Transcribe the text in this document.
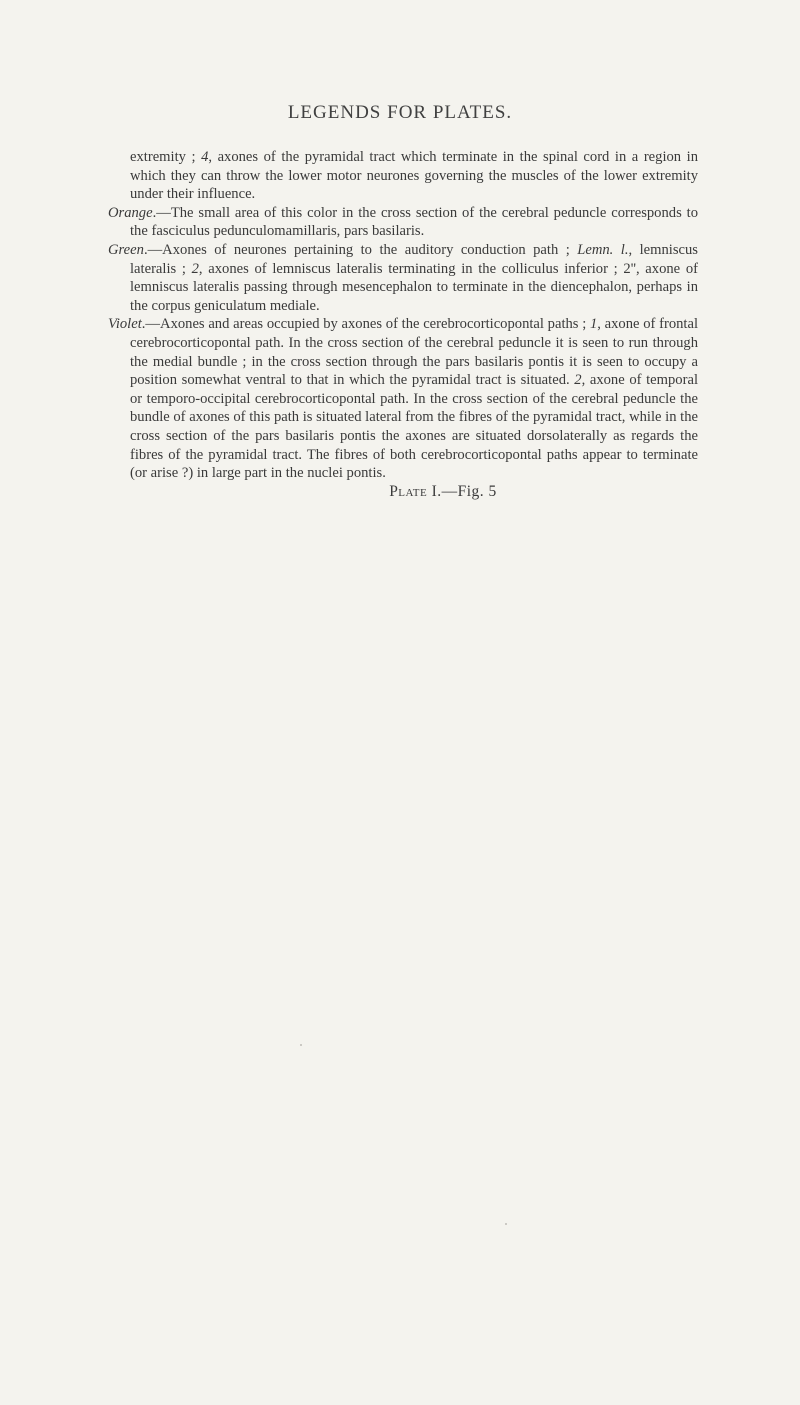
LEGENDS FOR PLATES.
extremity ; 4, axones of the pyramidal tract which terminate in the spinal cord in a region in which they can throw the lower motor neurones governing the muscles of the lower extremity under their influence.
Orange.—The small area of this color in the cross section of the cerebral peduncle corresponds to the fasciculus pedunculomamillaris, pars basilaris.
Green.—Axones of neurones pertaining to the auditory conduction path ; Lemn. l., lemniscus lateralis ; 2, axones of lemniscus lateralis terminating in the colliculus inferior ; 2'', axone of lemniscus lateralis passing through mesencephalon to terminate in the diencephalon, perhaps in the corpus geniculatum mediale.
Violet.—Axones and areas occupied by axones of the cerebrocorticopontal paths ; 1, axone of frontal cerebrocorticopontal path. In the cross section of the cerebral peduncle it is seen to run through the medial bundle ; in the cross section through the pars basilaris pontis it is seen to occupy a position somewhat ventral to that in which the pyramidal tract is situated. 2, axone of temporal or temporo-occipital cerebrocorticopontal path. In the cross section of the cerebral peduncle the bundle of axones of this path is situated lateral from the fibres of the pyramidal tract, while in the cross section of the pars basilaris pontis the axones are situated dorsolaterally as regards the fibres of the pyramidal tract. The fibres of both cerebrocorticopontal paths appear to terminate (or arise ?) in large part in the nuclei pontis.
Plate I.—Fig. 5
